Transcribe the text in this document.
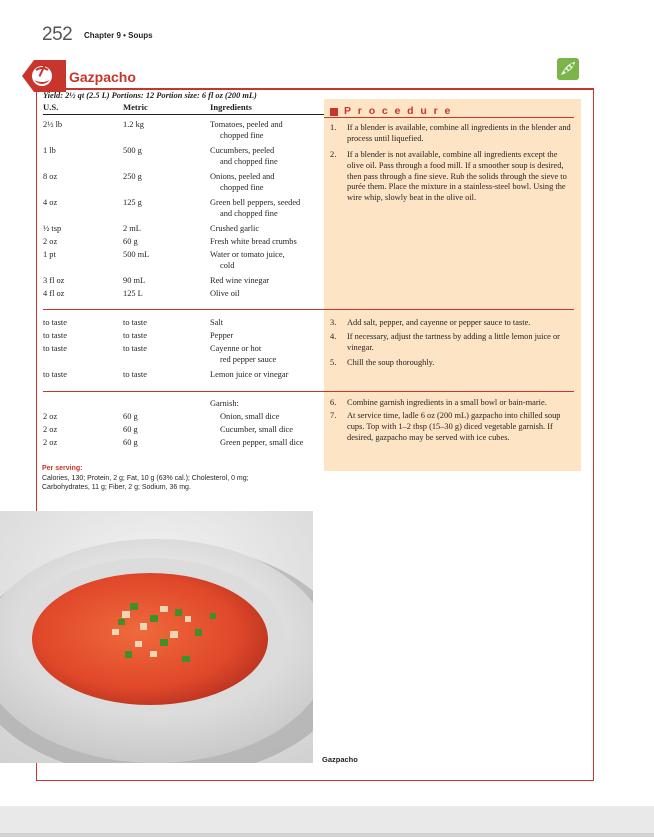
252 Chapter 9 • Soups
Gazpacho
Yield: 2½ qt (2.5 L) Portions: 12 Portion size: 6 fl oz (200 mL)
U.S.	Metric	Ingredients	Procedure
2½ lb	1.2 kg	Tomatoes, peeled and
chopped fine
1 lb	500 g	Cucumbers, peeled
and chopped fine
8 oz	250 g	Onions, peeled and
chopped fine
4 oz	125 g	Green bell peppers, seeded
and chopped fine
½ tsp	2 mL	Crushed garlic
2 oz	60 g	Fresh white bread crumbs
1 pt	500 mL	Water or tomato juice,
cold
3 fl oz	90 mL	Red wine vinegar
4 fl oz	125 L	Olive oil
to taste	to taste	Salt
to taste	to taste	Pepper
to taste	to taste	Cayenne or hot
red pepper sauce
to taste	to taste	Lemon juice or vinegar
Garnish:
2 oz	60 g	Onion, small dice
2 oz	60 g	Cucumber, small dice
2 oz	60 g	Green pepper, small dice
1. If a blender is available, combine all ingredients in the blender and process until liquefied.
2. If a blender is not available, combine all ingredients except the olive oil. Pass through a food mill. If a smoother soup is desired, then pass through a fine sieve. Rub the solids through the sieve to purée them. Place the mixture in a stainless-steel bowl. Using the wire whip, slowly beat in the olive oil.
3. Add salt, pepper, and cayenne or pepper sauce to taste.
4. If necessary, adjust the tartness by adding a little lemon juice or vinegar.
5. Chill the soup thoroughly.
6. Combine garnish ingredients in a small bowl or bain-marie.
7. At service time, ladle 6 oz (200 mL) gazpacho into chilled soup cups. Top with 1–2 tbsp (15–30 g) diced vegetable garnish. If desired, gazpacho may be served with ice cubes.
Per serving:
Calories, 130; Protein, 2 g; Fat, 10 g (63% cal.); Cholesterol, 0 mg;
Carbohydrates, 11 g; Fiber, 2 g; Sodium, 36 mg.
Gazpacho
